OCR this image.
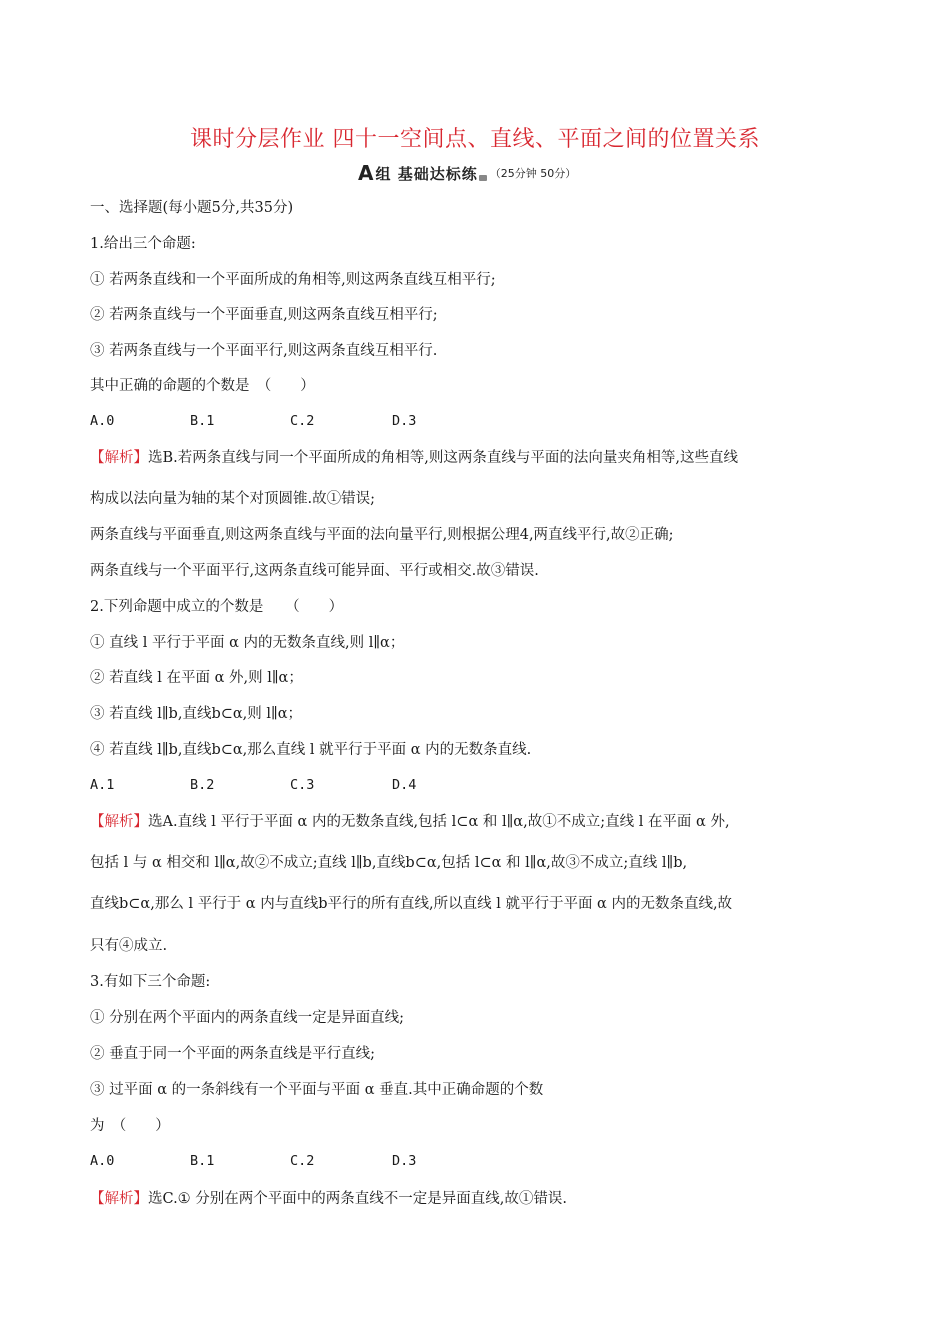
课时分层作业 四十一空间点、直线、平面之间的位置关系
A 组 基础达标练 （25分钟 50分）
一、选择题(每小题5分,共35分)
1.给出三个命题:
① 若两条直线和一个平面所成的角相等,则这两条直线互相平行;
② 若两条直线与一个平面垂直,则这两条直线互相平行;
③ 若两条直线与一个平面平行,则这两条直线互相平行.
其中正确的命题的个数是　（　　）
A.0	B.1	C.2	D.3
【解析】选B.若两条直线与同一个平面所成的角相等,则这两条直线与平面的法向量夹角相等,这些直线
构成以法向量为轴的某个对顶圆锥.故①错误;
两条直线与平面垂直,则这两条直线与平面的法向量平行,则根据公理4,两直线平行,故②正确;
两条直线与一个平面平行,这两条直线可能异面、平行或相交.故③错误.
2.下列命题中成立的个数是　　（　　）
① 直线 l 平行于平面 α 内的无数条直线,则 l∥α；
② 若直线 l 在平面 α 外,则 l∥α；
③ 若直线 l∥b,直线b⊂α,则 l∥α；
④ 若直线 l∥b,直线b⊂α,那么直线 l 就平行于平面 α 内的无数条直线.
A.1	B.2	C.3	D.4
【解析】选A.直线 l 平行于平面 α 内的无数条直线,包括 l⊂α 和 l∥α,故①不成立;直线 l 在平面 α 外,
包括 l 与 α 相交和 l∥α,故②不成立;直线 l∥b,直线b⊂α,包括 l⊂α 和 l∥α,故③不成立;直线 l∥b,
直线b⊂α,那么 l 平行于 α 内与直线b平行的所有直线,所以直线 l 就平行于平面 α 内的无数条直线,故
只有④成立.
3.有如下三个命题:
① 分别在两个平面内的两条直线一定是异面直线;
② 垂直于同一个平面的两条直线是平行直线;
③ 过平面 α 的一条斜线有一个平面与平面 α 垂直.其中正确命题的个数
为　（　　）
A.0	B.1	C.2	D.3
【解析】选C.① 分别在两个平面中的两条直线不一定是异面直线,故①错误.
